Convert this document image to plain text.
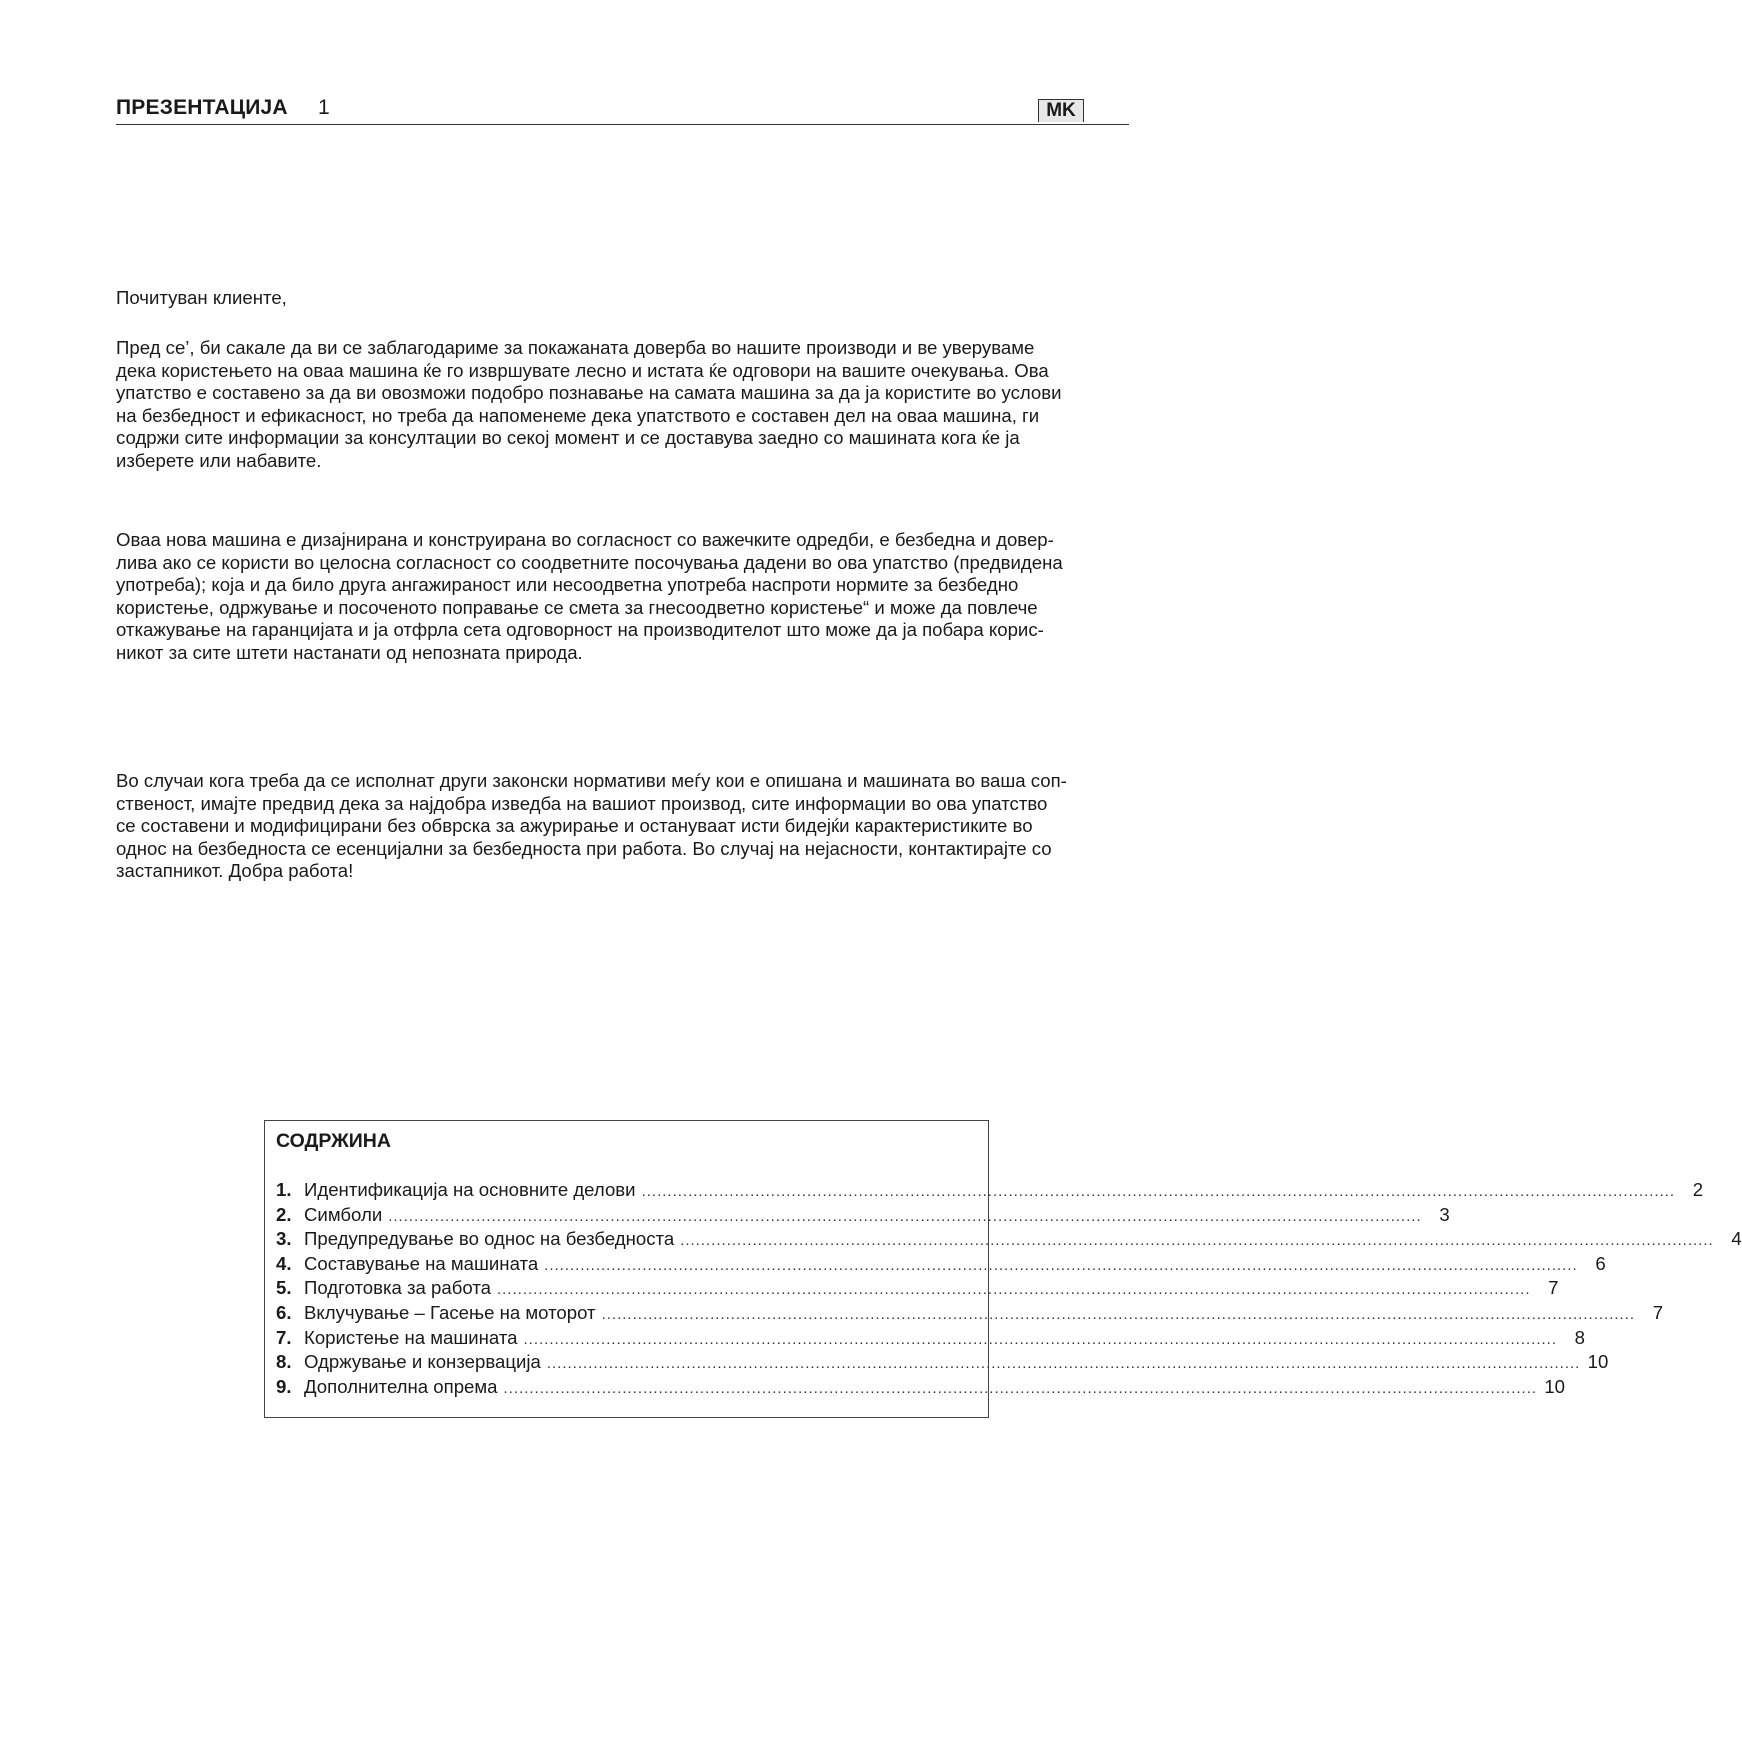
ПРЕЗЕНТАЦИЈА 1	MK

Почитуван клиенте,

Пред се’, би сакале да ви се заблагодариме за покажаната доверба во нашите производи и ве уверуваме
дека користењето на оваа машина ќе го извршувате лесно и истата ќе одговори на вашите очекувања. Ова
упатство е составено за да ви овозможи подобро познавање на самата машина за да ја користите во услови
на безбедност и ефикасност, но треба да напоменеме дека упатството е составен дел на оваа машина, ги
содржи сите информации за консултации во секој момент и се доставува заедно со машината кога ќе ја
изберете или набавите.

Оваа нова машина е дизајнирана и конструирана во согласност со важечките одредби, е безбедна и довер-
лива ако се користи во целосна согласност со соодветните посочувања дадени во ова упатство (предвидена
употреба); која и да било друга ангажираност или несоодветна употреба наспроти нормите за безбедно
користење, одржување и посоченото поправање се смета за гнесоодветно користење“ и може да повлече
откажување на гаранцијата и ја отфрла сета одговорност на производителот што може да ја побара корис-
никот за сите штети настанати од непозната природа.

Во случаи кога треба да се исполнат други законски нормативи меѓу кои е опишана и машината во ваша соп-
ственост, имајте предвид дека за најдобра изведба на вашиот производ, сите информации во ова упатство
се составени и модифицирани без обврска за ажурирање и остануваат исти бидејќи карактеристиките во
однос на безбедноста се есенцијални за безбедноста при работа. Во случај на нејасности, контактирајте со
застапникот. Добра работа!

СОДРЖИНА
1. Идентификација на основните делови ........................................................................................................................................................................................................ 2
2. Симболи ........................................................................................................................................................................................................ 3
3. Предупредување во однос на безбедноста ........................................................................................................................................................................................................ 4
4. Составување на машината ........................................................................................................................................................................................................ 6
5. Подготовка за работа ........................................................................................................................................................................................................ 7
6. Вклучување – Гасење на моторот ........................................................................................................................................................................................................ 7
7. Користење на машината ........................................................................................................................................................................................................ 8
8. Одржување и конзервација ........................................................................................................................................................................................................ 10
9. Дополнителна опрема ........................................................................................................................................................................................................ 10
